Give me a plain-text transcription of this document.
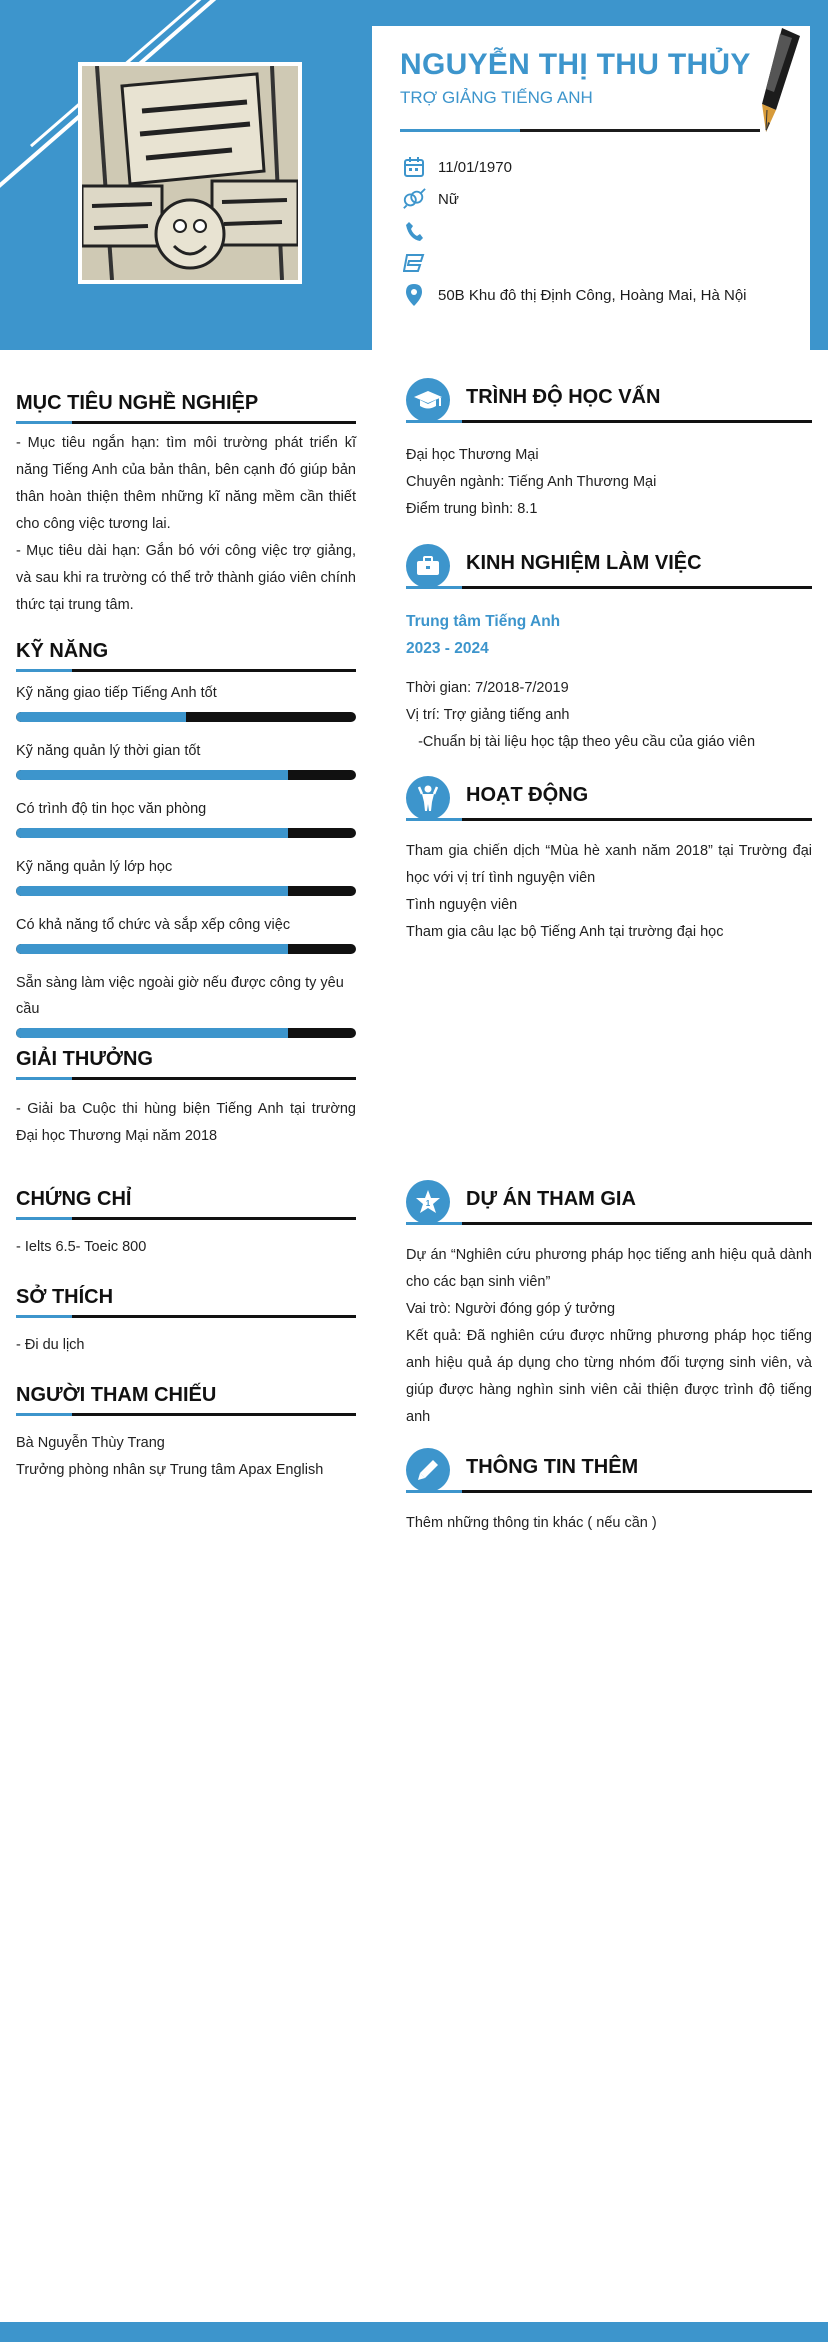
NGUYỄN THỊ THU THỦY
TRỢ GIẢNG TIẾNG ANH
11/01/1970
Nữ
50B Khu đô thị Định Công, Hoàng Mai, Hà Nội
MỤC TIÊU NGHỀ NGHIỆP
- Mục tiêu ngắn hạn: tìm môi trường phát triển kĩ năng Tiếng Anh của bản thân, bên cạnh đó giúp bản thân hoàn thiện thêm những kĩ năng mềm cần thiết cho công việc tương lai.
- Mục tiêu dài hạn: Gắn bó với công việc trợ giảng, và sau khi ra trường có thể trở thành giáo viên chính thức tại trung tâm.
KỸ NĂNG
Kỹ năng giao tiếp Tiếng Anh tốt
Kỹ năng quản lý thời gian tốt
Có trình độ tin học văn phòng
Kỹ năng quản lý lớp học
Có khả năng tổ chức và sắp xếp công việc
Sẵn sàng làm việc ngoài giờ nếu được công ty yêu cầu
GIẢI THƯỞNG
- Giải ba Cuộc thi hùng biện Tiếng Anh tại trường Đại học Thương Mại năm 2018
CHỨNG CHỈ
- Ielts 6.5- Toeic 800
SỞ THÍCH
- Đi du lịch
NGƯỜI THAM CHIẾU
Bà Nguyễn Thùy Trang
Trưởng phòng nhân sự Trung tâm Apax English
TRÌNH ĐỘ HỌC VẤN
Đại học Thương Mại
Chuyên ngành: Tiếng Anh Thương Mại
Điểm trung bình: 8.1
KINH NGHIỆM LÀM VIỆC
Trung tâm Tiếng Anh
2023 - 2024
Thời gian: 7/2018-7/2019
Vị trí: Trợ giảng tiếng anh
-Chuẩn bị tài liệu học tập theo yêu cầu của giáo viên
HOẠT ĐỘNG
Tham gia chiến dịch “Mùa hè xanh năm 2018” tại Trường đại học với vị trí tình nguyện viên
Tình nguyện viên
Tham gia câu lạc bộ Tiếng Anh tại trường đại học
1 DỰ ÁN THAM GIA
Dự án “Nghiên cứu phương pháp học tiếng anh hiệu quả dành cho các bạn sinh viên”
Vai trò: Người đóng góp ý tưởng
Kết quả: Đã nghiên cứu được những phương pháp học tiếng anh hiệu quả áp dụng cho từng nhóm đối tượng sinh viên, và giúp được hàng nghìn sinh viên cải thiện được trình độ tiếng anh
THÔNG TIN THÊM
Thêm những thông tin khác ( nếu cần )
